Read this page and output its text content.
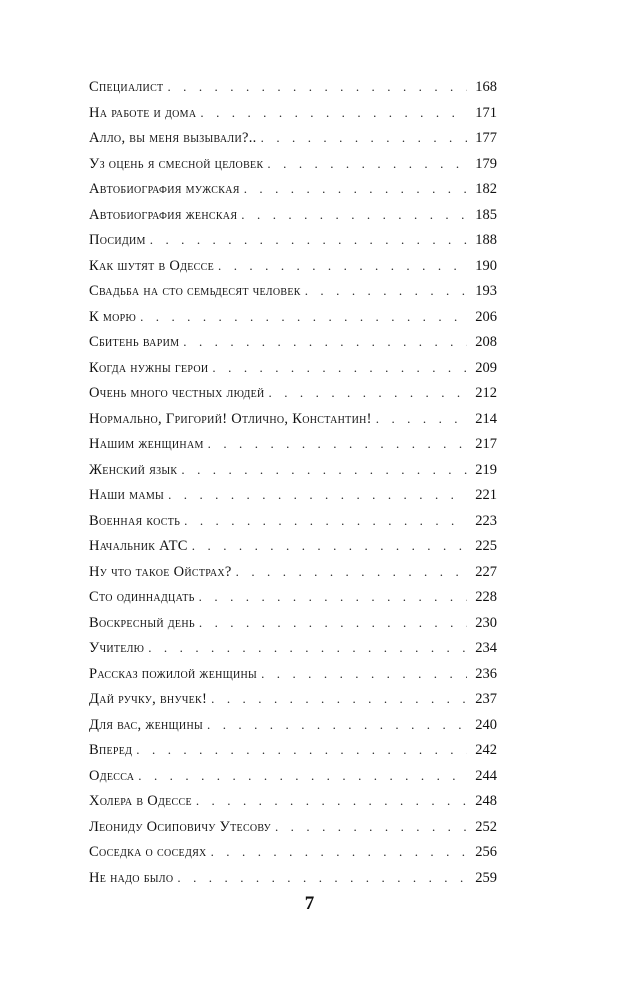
Специалист . . .	168
На работе и дома . . .	171
Алло, вы меня вызывали?.. . . .	177
Уз оцень я смесной целовек . . .	179
Автобиография мужская . . .	182
Автобиография женская . . .	185
Посидим . . .	188
Как шутят в Одессе . . .	190
Свадьба на сто семьдесят человек . . .	193
К морю . . .	206
Сбитень варим . . .	208
Когда нужны герои . . .	209
Очень много честных людей . . .	212
Нормально, Григорий! Отлично, Константин! . . .	214
Нашим женщинам . . .	217
Женский язык . . .	219
Наши мамы . . .	221
Военная кость . . .	223
Начальник АТС . . .	225
Ну что такое Ойстрах? . . .	227
Сто одиннадцать . . .	228
Воскресный день . . .	230
Учителю . . .	234
Рассказ пожилой женщины . . .	236
Дай ручку, внучек! . . .	237
Для вас, женщины . . .	240
Вперед . . .	242
Одесса . . .	244
Холера в Одессе . . .	248
Леониду Осиповичу Утесову . . .	252
Соседка о соседях . . .	256
Не надо было . . .	259
7
